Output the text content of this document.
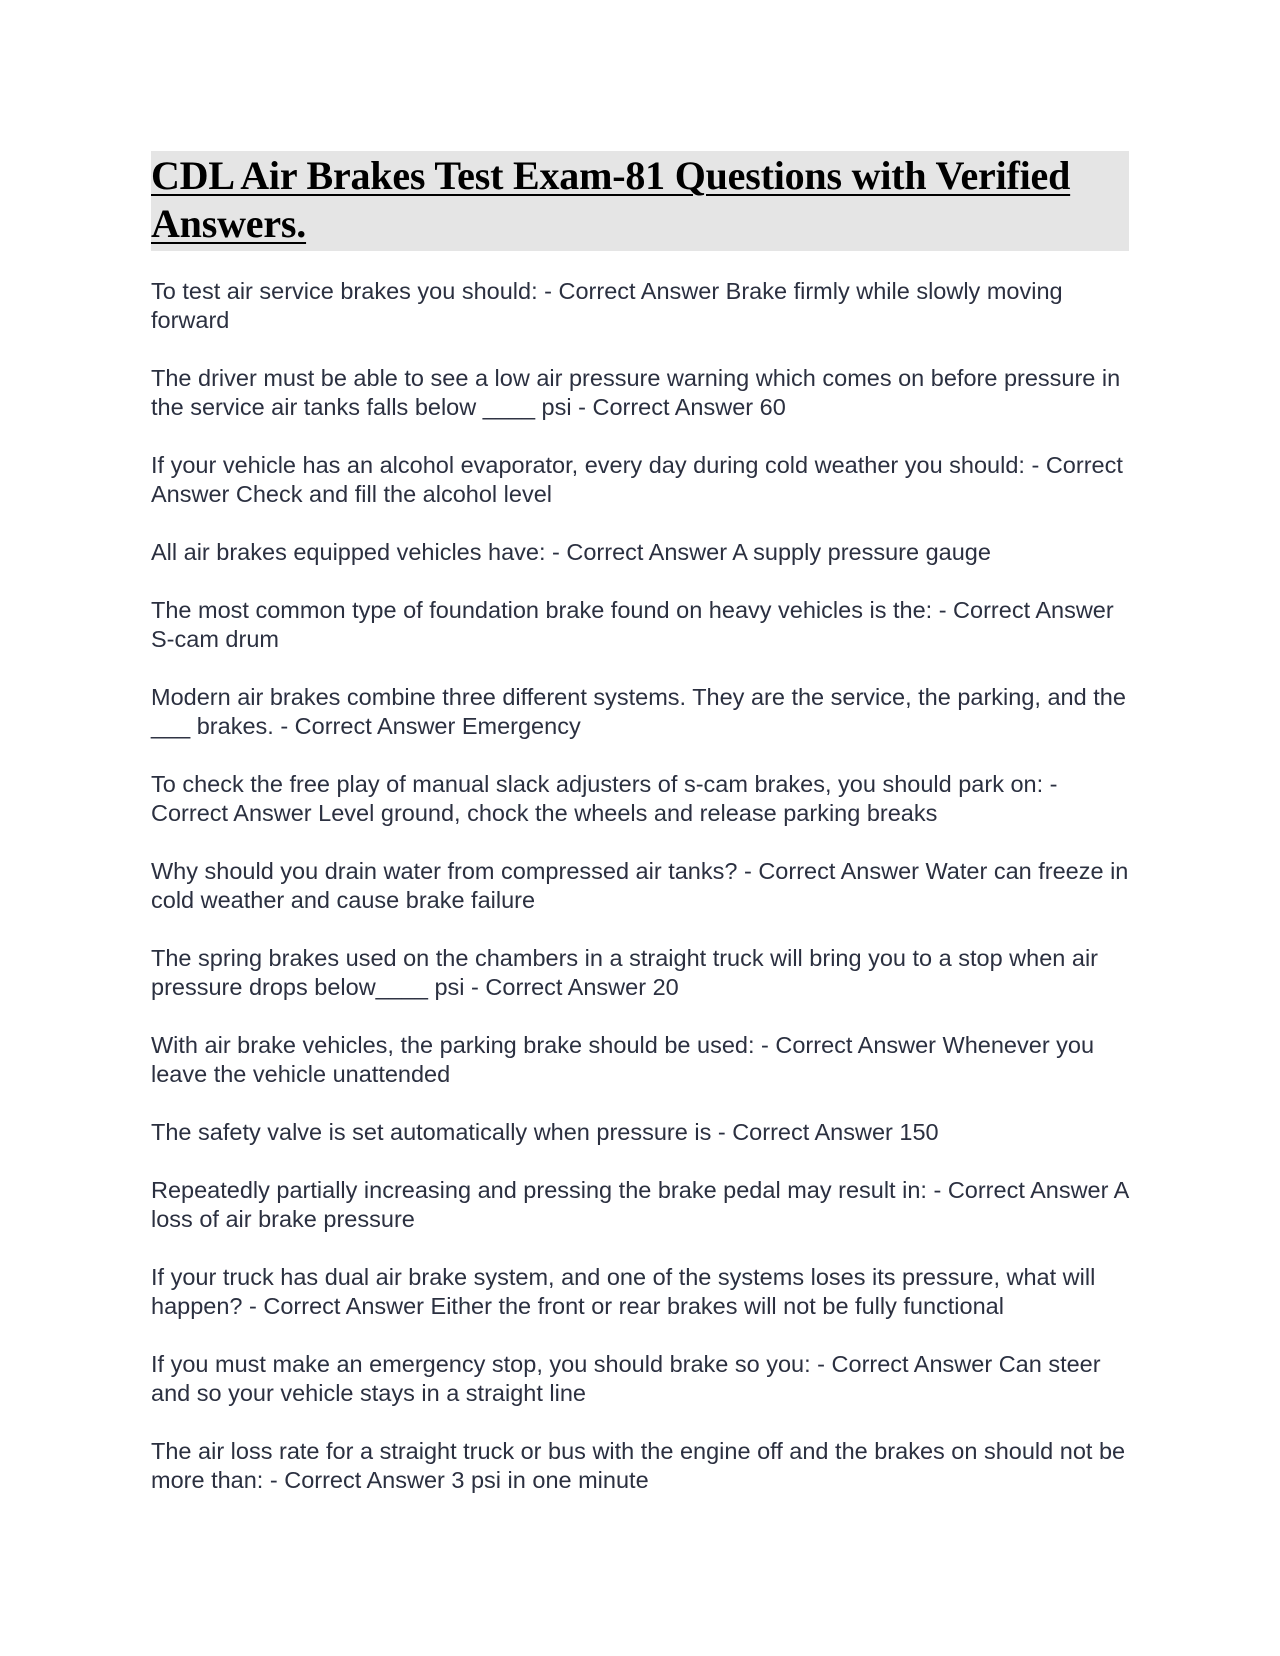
CDL Air Brakes Test Exam-81 Questions with Verified Answers.

To test air service brakes you should: - Correct Answer Brake firmly while slowly moving forward

The driver must be able to see a low air pressure warning which comes on before pressure in the service air tanks falls below ____ psi - Correct Answer 60

If your vehicle has an alcohol evaporator, every day during cold weather you should: - Correct Answer Check and fill the alcohol level

All air brakes equipped vehicles have: - Correct Answer A supply pressure gauge

The most common type of foundation brake found on heavy vehicles is the: - Correct Answer S-cam drum

Modern air brakes combine three different systems. They are the service, the parking, and the ___ brakes. - Correct Answer Emergency

To check the free play of manual slack adjusters of s-cam brakes, you should park on: - Correct Answer Level ground, chock the wheels and release parking breaks

Why should you drain water from compressed air tanks? - Correct Answer Water can freeze in cold weather and cause brake failure

The spring brakes used on the chambers in a straight truck will bring you to a stop when air pressure drops below____ psi - Correct Answer 20

With air brake vehicles, the parking brake should be used: - Correct Answer Whenever you leave the vehicle unattended

The safety valve is set automatically when pressure is - Correct Answer 150

Repeatedly partially increasing and pressing the brake pedal may result in: - Correct Answer A loss of air brake pressure

If your truck has dual air brake system, and one of the systems loses its pressure, what will happen? - Correct Answer Either the front or rear brakes will not be fully functional

If you must make an emergency stop, you should brake so you: - Correct Answer Can steer and so your vehicle stays in a straight line

The air loss rate for a straight truck or bus with the engine off and the brakes on should not be more than: - Correct Answer 3 psi in one minute
